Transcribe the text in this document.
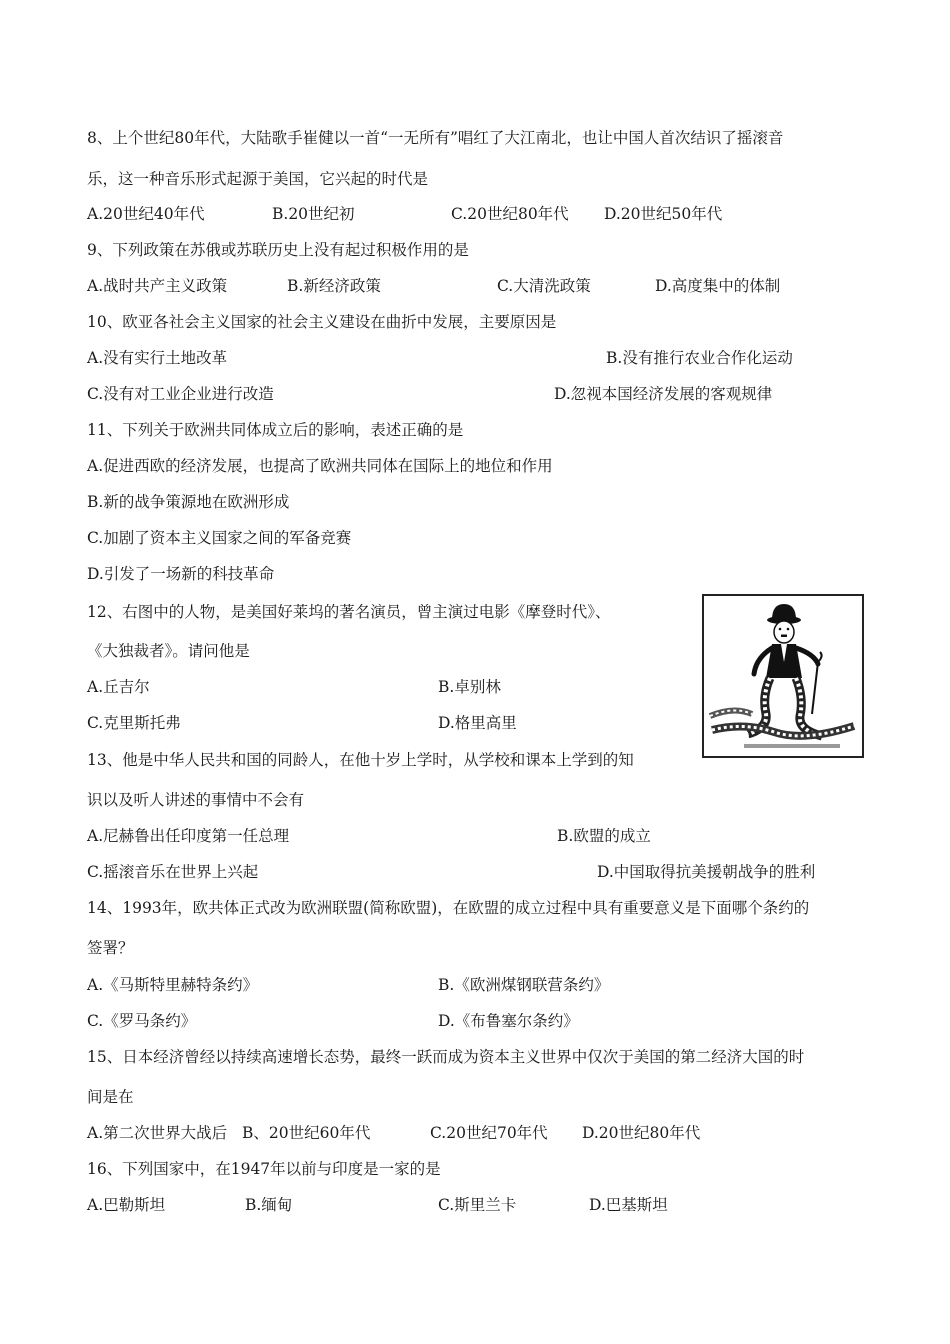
8、上个世纪80年代，大陆歌手崔健以一首“一无所有”唱红了大江南北，也让中国人首次结识了摇滚音
乐，这一种音乐形式起源于美国，它兴起的时代是
A.20世纪40年代	B.20世纪初	C.20世纪80年代 D.20世纪50年代
9、下列政策在苏俄或苏联历史上没有起过积极作用的是
A.战时共产主义政策	B.新经济政策	C.大清洗政策	D.高度集中的体制
10、欧亚各社会主义国家的社会主义建设在曲折中发展，主要原因是
A.没有实行土地改革	B.没有推行农业合作化运动
C.没有对工业企业进行改造	D.忽视本国经济发展的客观规律
11、下列关于欧洲共同体成立后的影响，表述正确的是
A.促进西欧的经济发展，也提高了欧洲共同体在国际上的地位和作用
B.新的战争策源地在欧洲形成
C.加剧了资本主义国家之间的军备竞赛
D.引发了一场新的科技革命
12、右图中的人物，是美国好莱坞的著名演员，曾主演过电影《摩登时代》、
《大独裁者》。请问他是
A.丘吉尔	B.卓别林
C.克里斯托弗	D.格里高里
13、他是中华人民共和国的同龄人，在他十岁上学时，从学校和课本上学到的知
识以及听人讲述的事情中不会有
A.尼赫鲁出任印度第一任总理	B.欧盟的成立
C.摇滚音乐在世界上兴起	D.中国取得抗美援朝战争的胜利
14、1993年，欧共体正式改为欧洲联盟(简称欧盟)，在欧盟的成立过程中具有重要意义是下面哪个条约的
签署？
A.《马斯特里赫特条约》	B.《欧洲煤钢联营条约》
C.《罗马条约》	D.《布鲁塞尔条约》
15、日本经济曾经以持续高速增长态势，最终一跃而成为资本主义世界中仅次于美国的第二经济大国的时
间是在
A.第二次世界大战后 B、20世纪60年代	C.20世纪70年代 D.20世纪80年代
16、下列国家中，在1947年以前与印度是一家的是
A.巴勒斯坦	B.缅甸	C.斯里兰卡	D.巴基斯坦
